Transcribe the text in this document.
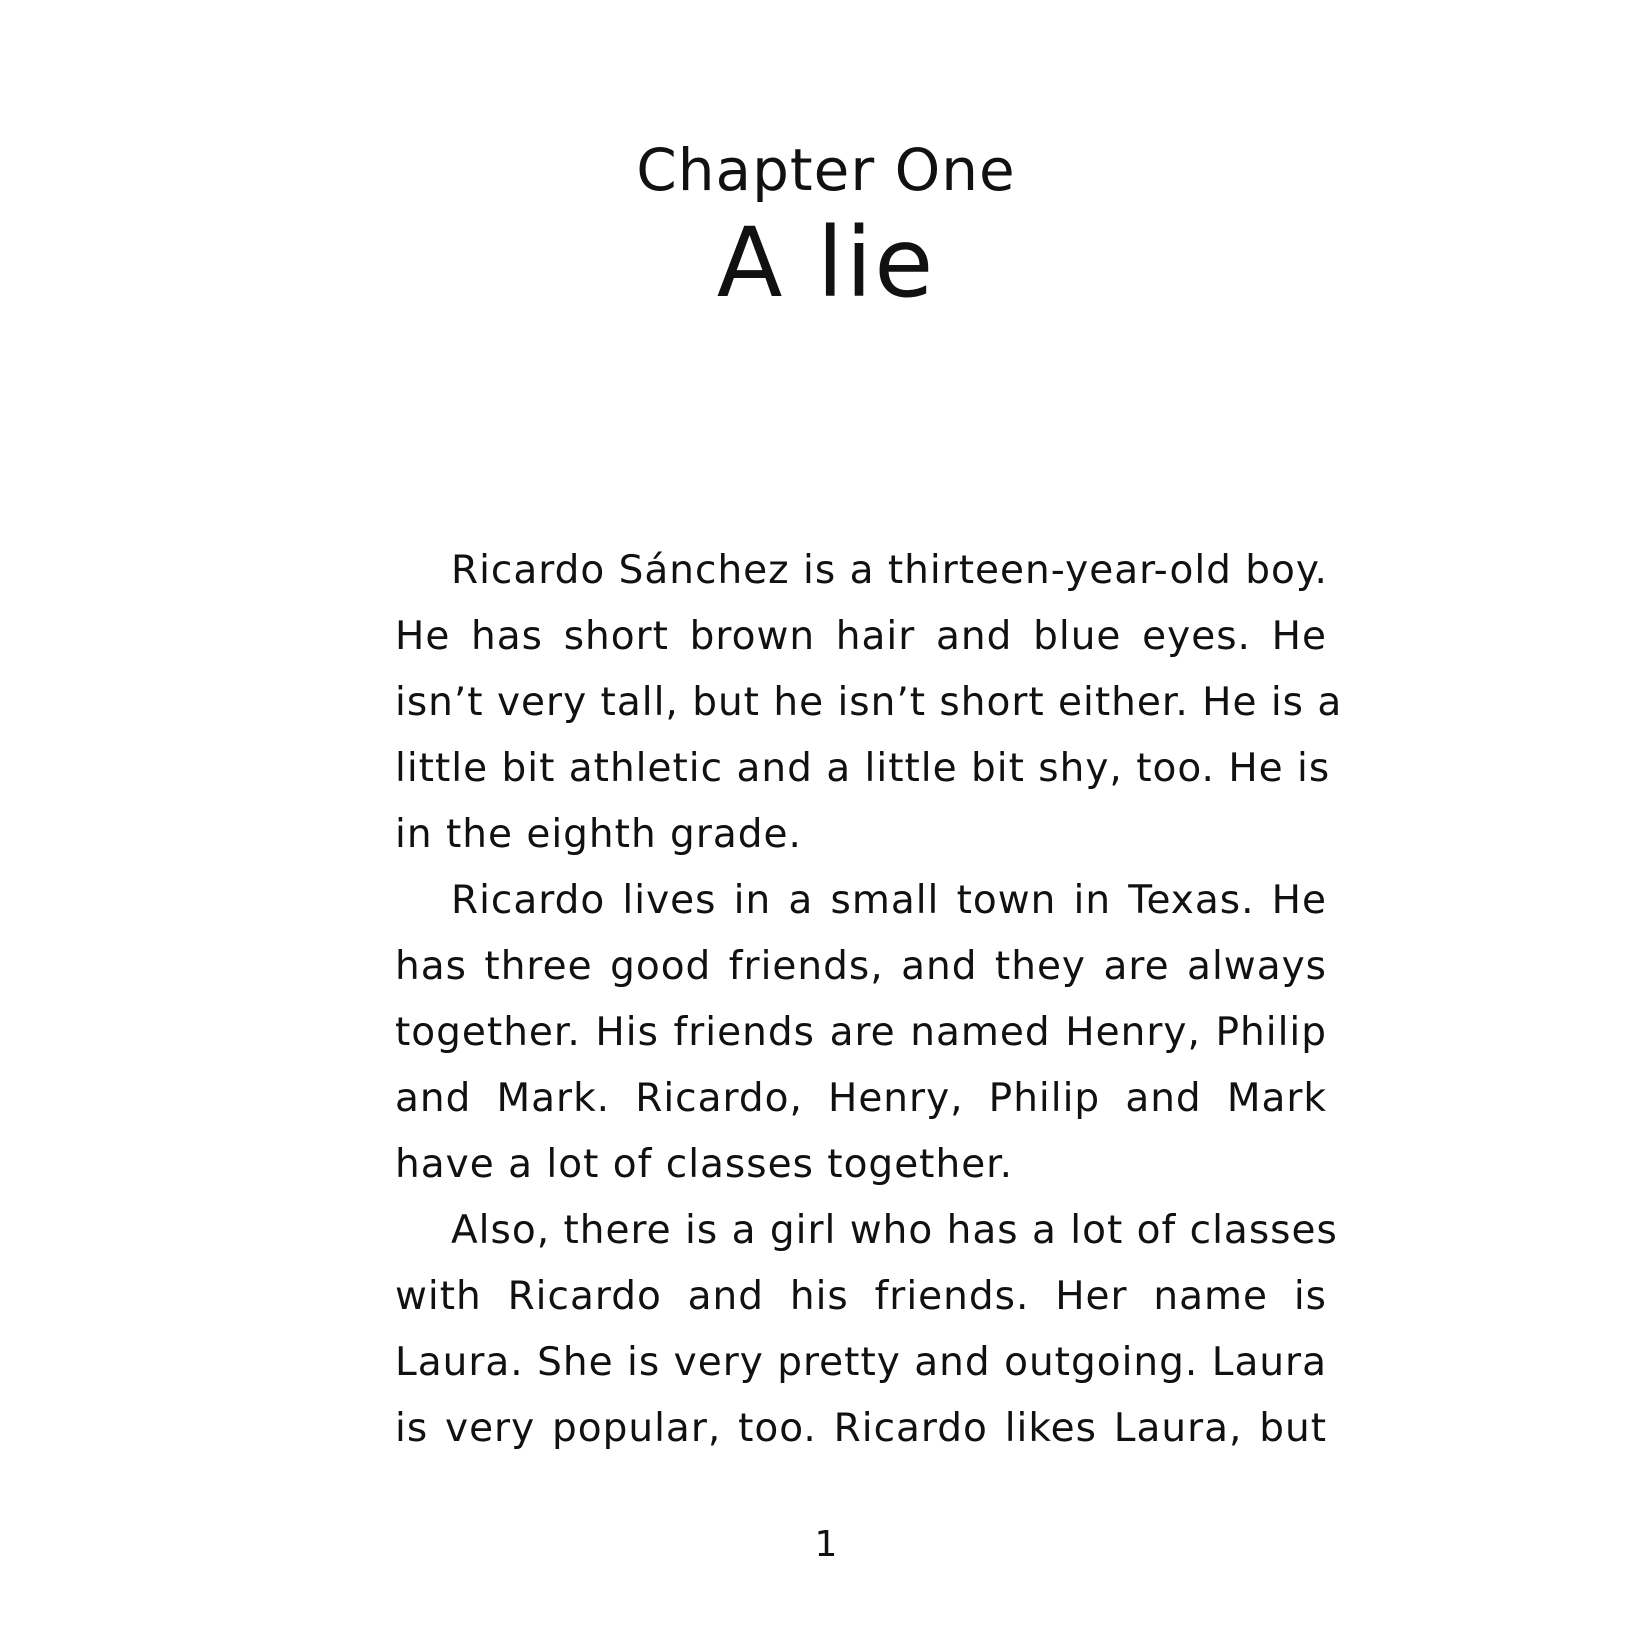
Chapter One
A lie
Ricardo Sánchez is a thirteen-year-old boy.
He has short brown hair and blue eyes. He
isn’t very tall, but he isn’t short either. He is a
little bit athletic and a little bit shy, too. He is
in the eighth grade.
Ricardo lives in a small town in Texas. He
has three good friends, and they are always
together. His friends are named Henry, Philip
and Mark. Ricardo, Henry, Philip and Mark
have a lot of classes together.
Also, there is a girl who has a lot of classes
with Ricardo and his friends. Her name is
Laura. She is very pretty and outgoing. Laura
is very popular, too. Ricardo likes Laura, but
1
